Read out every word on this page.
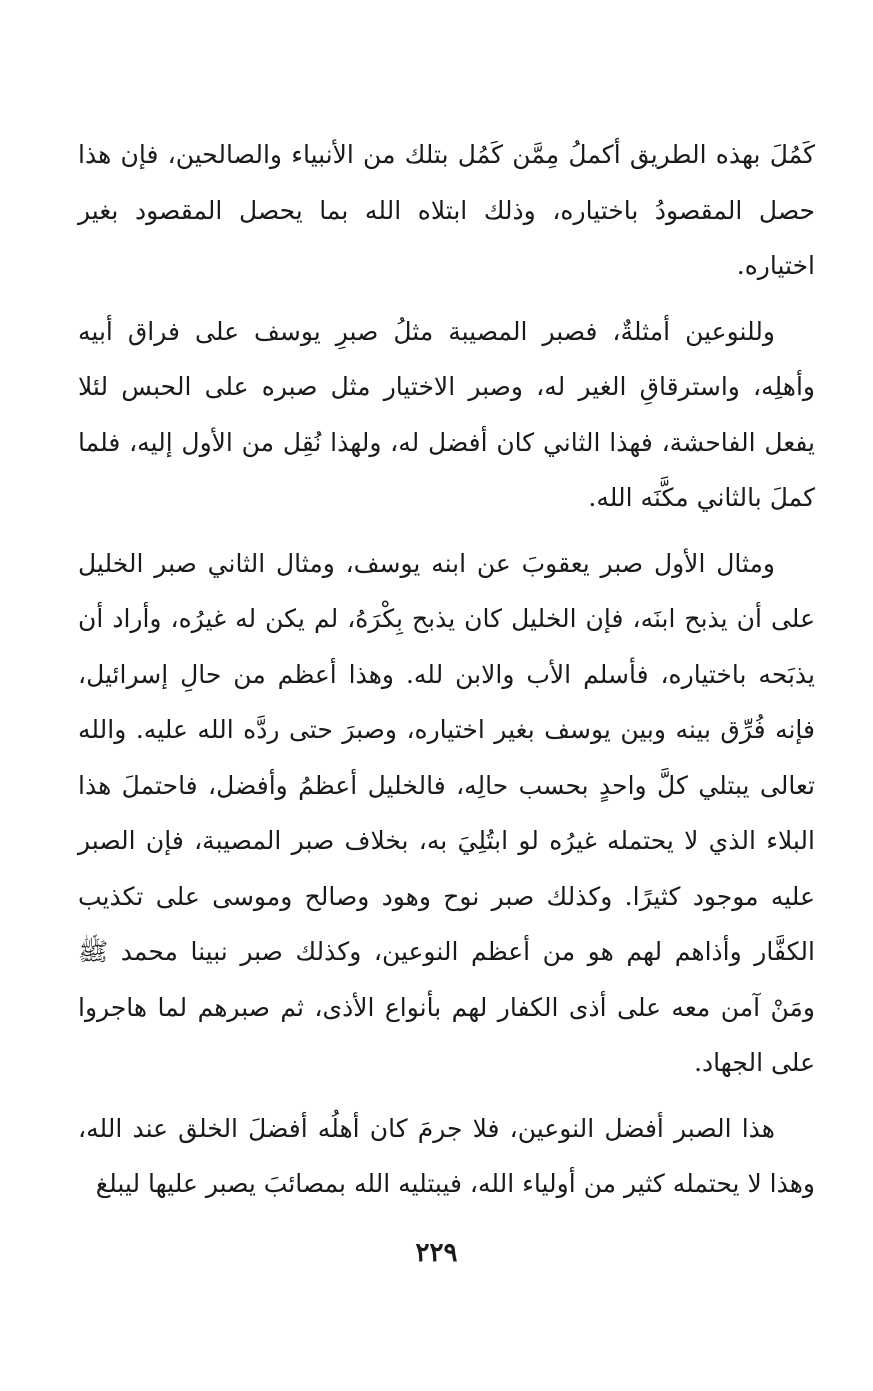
كَمُلَ بهذه الطريق أكملُ مِمَّن كَمُل بتلك من الأنبياء والصالحين، فإن هذا حصل المقصودُ باختياره، وذلك ابتلاه الله بما يحصل المقصود بغير اختياره.

وللنوعين أمثلةٌ، فصبر المصيبة مثلُ صبرِ يوسف على فراق أبيه وأهلِه، واسترقاقِ الغير له، وصبر الاختيار مثل صبره على الحبس لئلا يفعل الفاحشة، فهذا الثاني كان أفضل له، ولهذا نُقِل من الأول إليه، فلما كملَ بالثاني مكَّنَه الله.

ومثال الأول صبر يعقوبَ عن ابنه يوسف، ومثال الثاني صبر الخليل على أن يذبح ابنَه، فإن الخليل كان يذبح بِكْرَهُ، لم يكن له غيرُه، وأراد أن يذبَحه باختياره، فأسلم الأب والابن لله. وهذا أعظم من حالِ إسرائيل، فإنه فُرِّق بينه وبين يوسف بغير اختياره، وصبرَ حتى ردَّه الله عليه. والله تعالى يبتلي كلَّ واحدٍ بحسب حالِه، فالخليل أعظمُ وأفضل، فاحتملَ هذا البلاء الذي لا يحتمله غيرُه لو ابتُلِيَ به، بخلاف صبر المصيبة، فإن الصبر عليه موجود كثيرًا. وكذلك صبر نوح وهود وصالح وموسى على تكذيب الكفَّار وأذاهم لهم هو من أعظم النوعين، وكذلك صبر نبينا محمد ﷺ ومَنْ آمن معه على أذى الكفار لهم بأنواع الأذى، ثم صبرهم لما هاجروا على الجهاد.

هذا الصبر أفضل النوعين، فلا جرمَ كان أهلُه أفضلَ الخلق عند الله، وهذا لا يحتمله كثير من أولياء الله، فيبتليه الله بمصائبَ يصبر عليها ليبلغ

٢٢٩
